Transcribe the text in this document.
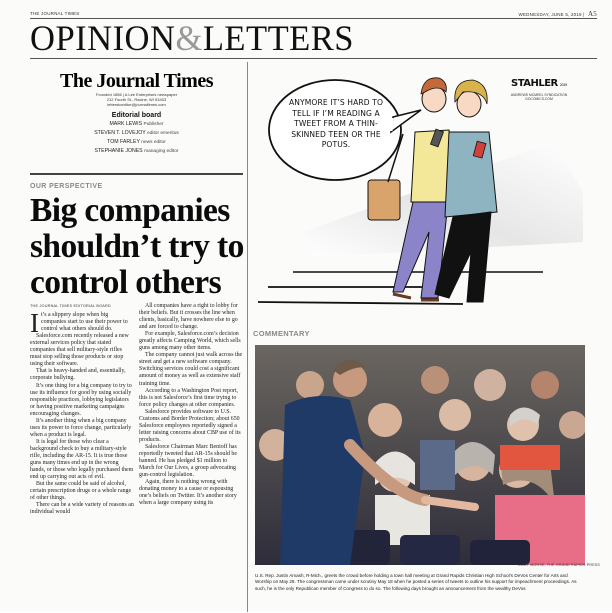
THE JOURNAL TIMES	WEDNESDAY, JUNE 5, 2019 | A5
OPINION&LETTERS
The Journal Times
Founded 1856 | A Lee Enterprises newspaper
212 Fourth St., Racine, WI 53403
letterstoeditor@journaltimes.com
Editorial board
MARK LEWIS Publisher
STEVEN T. LOVEJOY editor emeritus
TOM FARLEY news editor
STEPHANIE JONES managing editor
OUR PERSPECTIVE
Big companies shouldn’t try to control others
THE JOURNAL TIMES EDITORIAL BOARD

It’s a slippery slope when big companies start to use their power to control what others should do.

Salesforce.com recently released a new external services policy that stated companies that sell military-style rifles must stop selling those products or stop using their software.

That is heavy-handed and, essentially, corporate bullying.

It’s one thing for a big company to try to use its influence for good by using socially responsible practices, lobbying legislators or having positive marketing campaigns encouraging changes.

It’s another thing when a big company uses its power to force change, particularly when a product is legal.

It is legal for those who clear a background check to buy a military-style rifle, including the AR-15. It is true those guns many times end up in the wrong hands, or those who legally purchased them end up carrying out acts of evil.

But the same could be said of alcohol, certain prescription drugs or a whole range of other things.

There can be a wide variety of reasons an individual would

All companies have a right to lobby for their beliefs. But it crosses the line when clients, basically, have nowhere else to go and are forced to change.

For example, Salesforce.com’s decision greatly affects Camping World, which sells guns among many other items.

The company cannot just walk across the street and get a new software company. Switching services could cost a significant amount of money as well as extensive staff training time.

According to a Washington Post report, this is not Salesforce’s first time trying to force policy changes at other companies.

Salesforce provides software to U.S. Customs and Border Protection; about 650 Salesforce employees reportedly signed a letter raising concerns about CBP use of its products.

Salesforce Chairman Marc Benioff has reportedly tweeted that AR-15s should be banned. He has pledged $1 million to March for Our Lives, a group advocating gun-control legislation.

Again, there is nothing wrong with donating money to a cause or espousing one’s beliefs on Twitter. It’s another story when a large company using its

ANYMORE IT’S HARD TO TELL IF I’M READING A TWEET FROM A THIN-SKINNED TEEN OR THE POTUS.
STAHLER 2019
ANDREWS MCMEEL SYNDICATION
GOCOMICS.COM
COMMENTARY
U.S. Rep. Justin Amash, R-Mich., greets the crowd before holding a town hall meeting at Grand Rapids Christian High School’s DeVos Center for Arts and Worship on May 28. The congressman came under scrutiny May 18 when he posted a series of tweets to outline his support for impeachment proceedings. As such, he is the only Republican member of Congress to do so. The following days brought an announcement from the wealthy DeVos
CORY MORSE, THE GRAND RAPIDS PRESS
